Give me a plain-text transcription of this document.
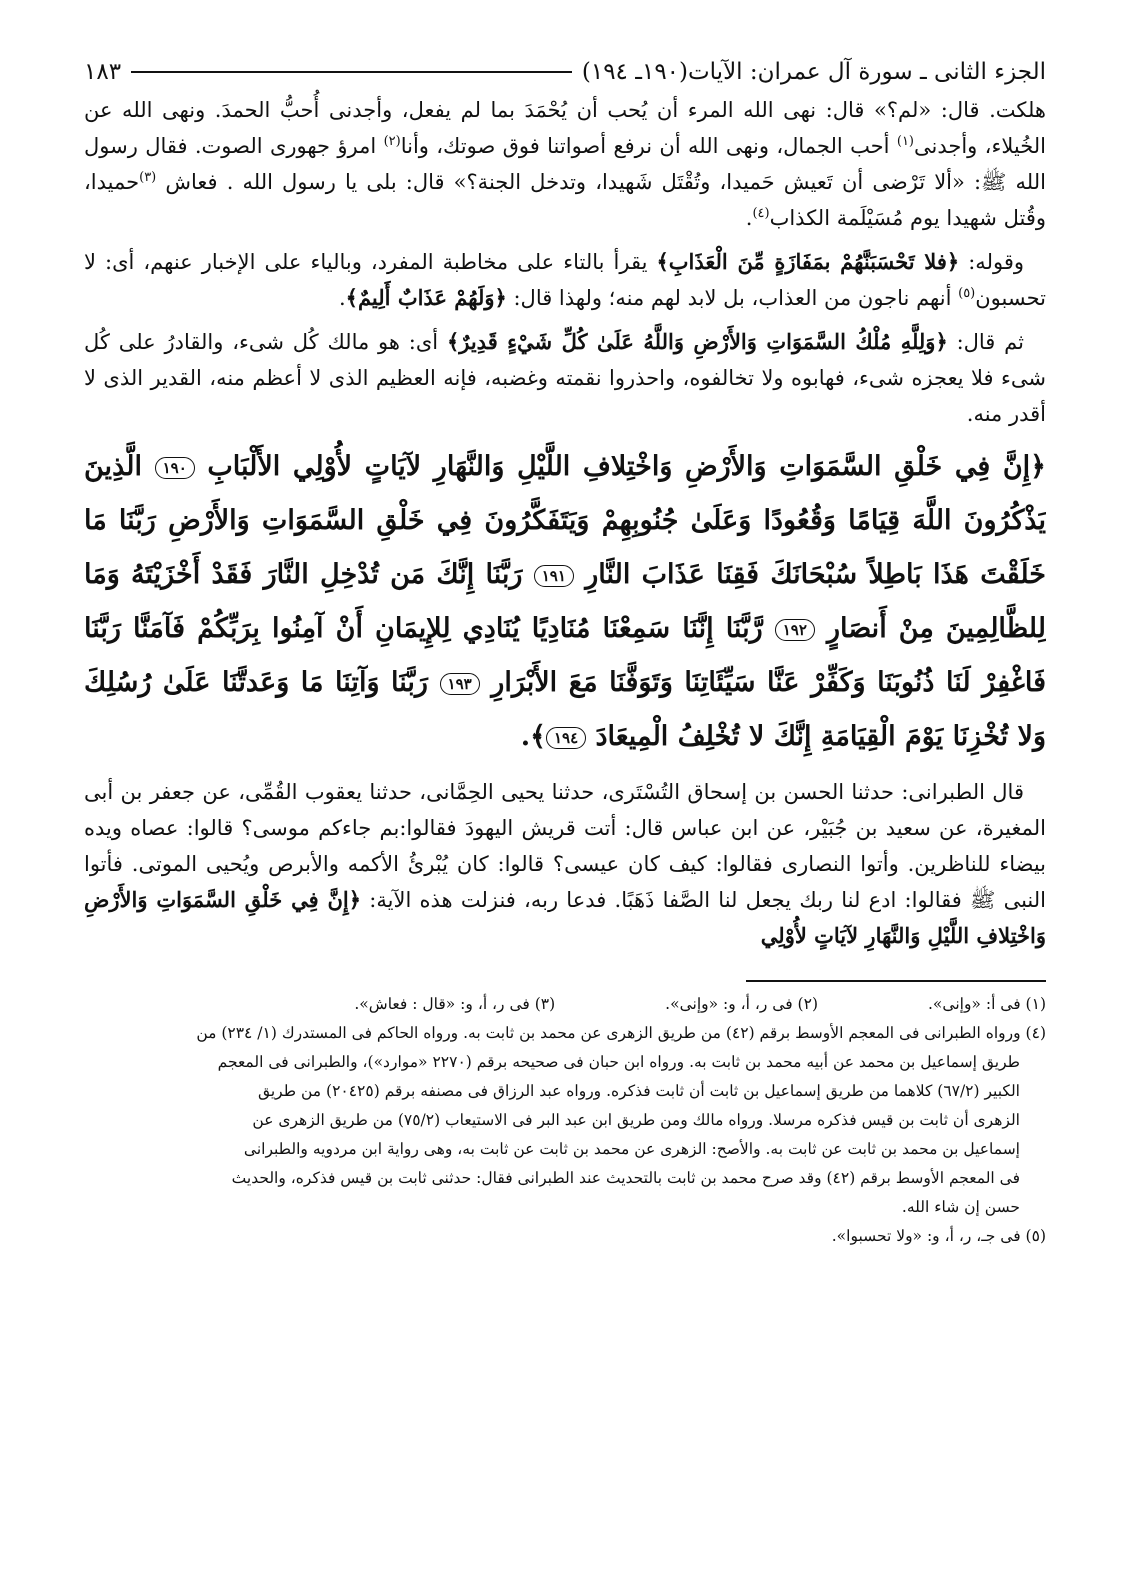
الجزء الثانى ـ سورة آل عمران: الآيات(١٩٠ـ ١٩٤)
١٨٣

هلكت. قال: «لم؟» قال: نهى الله المرء أن يُحب أن يُحْمَدَ بما لم يفعل، وأجدنى أُحبُّ الحمدَ. ونهى الله عن الخُيلاء، وأجدنى$^{(١)}$ أحب الجمال، ونهى الله أن نرفع أصواتنا فوق صوتك، وأنا$^{(٢)}$ امرؤ جهورى الصوت. فقال رسول الله ﷺ: «ألا تَرْضى أن تَعيش حَميدا، وتُقْتَل شَهيدا، وتدخل الجنة؟» قال: بلى يا رسول الله . فعاش $^{(٣)}$حميدا، وقُتل شهيدا يوم مُسَيْلَمة الكذاب$^{(٤)}$.

وقوله: ﴿فلا تَحْسَبَنَّهُمْ بمَفَازَةٍ مِّنَ الْعَذَابِ﴾ يقرأ بالتاء على مخاطبة المفرد، وبالياء على الإخبار عنهم، أى: لا تحسبون$^{(٥)}$ أنهم ناجون من العذاب، بل لابد لهم منه؛ ولهذا قال: ﴿وَلَهُمْ عَذَابٌ أَلِيمٌ﴾.

ثم قال: ﴿وَلِلَّهِ مُلْكُ السَّمَوَاتِ وَالأَرْضِ وَاللَّهُ عَلَىٰ كُلِّ شَيْءٍ قَدِيرٌ﴾ أى: هو مالك كُل شىء، والقادرُ على كُل شىء فلا يعجزه شىء، فهابوه ولا تخالفوه، واحذروا نقمته وغضبه، فإنه العظيم الذى لا أعظم منه، القدير الذى لا أقدر منه.

﴿إِنَّ فِي خَلْقِ السَّمَوَاتِ وَالأَرْضِ وَاخْتِلافِ اللَّيْلِ وَالنَّهَارِ لآيَاتٍ لأُوْلِي الأَلْبَابِ ١٩٠ الَّذِينَ يَذْكُرُونَ اللَّهَ قِيَامًا وَقُعُودًا وَعَلَىٰ جُنُوبِهِمْ وَيَتَفَكَّرُونَ فِي خَلْقِ السَّمَوَاتِ وَالأَرْضِ رَبَّنَا مَا خَلَقْتَ هَذَا بَاطِلاً سُبْحَانَكَ فَقِنَا عَذَابَ النَّارِ ١٩١ رَبَّنَا إِنَّكَ مَن تُدْخِلِ النَّارَ فَقَدْ أَخْزَيْتَهُ وَمَا لِلظَّالِمِينَ مِنْ أَنصَارٍ ١٩٢ رَّبَّنَا إِنَّنَا سَمِعْنَا مُنَادِيًا يُنَادِي لِلإِيمَانِ أَنْ آمِنُوا بِرَبِّكُمْ فَآمَنَّا رَبَّنَا فَاغْفِرْ لَنَا ذُنُوبَنَا وَكَفِّرْ عَنَّا سَيِّئَاتِنَا وَتَوَفَّنَا مَعَ الأَبْرَارِ ١٩٣ رَبَّنَا وَآتِنَا مَا وَعَدتَّنَا عَلَىٰ رُسُلِكَ وَلا تُخْزِنَا يَوْمَ الْقِيَامَةِ إِنَّكَ لا تُخْلِفُ الْمِيعَادَ ١٩٤﴾.

قال الطبرانى: حدثنا الحسن بن إسحاق التُسْتَرى، حدثنا يحيى الحِمَّانى، حدثنا يعقوب القُمِّى، عن جعفر بن أبى المغيرة، عن سعيد بن جُبَيْر، عن ابن عباس قال: أتت قريش اليهودَ فقالوا:بم جاءكم موسى؟ قالوا: عصاه ويده بيضاء للناظرين. وأتوا النصارى فقالوا: كيف كان عيسى؟ قالوا: كان يُبْرئُ الأكمه والأبرص ويُحيى الموتى. فأتوا النبى ﷺ فقالوا: ادع لنا ربك يجعل لنا الصَّفا ذَهَبًا. فدعا ربه، فنزلت هذه الآية: ﴿إِنَّ فِي خَلْقِ السَّمَوَاتِ وَالأَرْضِ وَاخْتِلافِ اللَّيْلِ وَالنَّهَارِ لآيَاتٍ لأُوْلِي

(١) فى أ: «وإنى».
(٢) فى ر، أ، و: «وإنى».
(٣) فى ر، أ، و: «قال : فعاش».
(٤) ورواه الطبرانى فى المعجم الأوسط برقم (٤٢) من طريق الزهرى عن محمد بن ثابت به. ورواه الحاكم فى المستدرك (١/ ٢٣٤) من
طريق إسماعيل بن محمد عن أبيه محمد بن ثابت به. ورواه ابن حبان فى صحيحه برقم (٢٢٧٠ «موارد»)، والطبرانى فى المعجم
الكبير (٦٧/٢) كلاهما من طريق إسماعيل بن ثابت أن ثابت فذكره. ورواه عبد الرزاق فى مصنفه برقم (٢٠٤٢٥) من طريق
الزهرى أن ثابت بن قيس فذكره مرسلا. ورواه مالك ومن طريق ابن عبد البر فى الاستيعاب (٧٥/٢) من طريق الزهرى عن
إسماعيل بن محمد بن ثابت عن ثابت به. والأصح: الزهرى عن محمد بن ثابت عن ثابت به، وهى رواية ابن مردويه والطبرانى
فى المعجم الأوسط برقم (٤٢) وقد صرح محمد بن ثابت بالتحديث عند الطبرانى فقال: حدثنى ثابت بن قيس فذكره، والحديث
حسن إن شاء الله.
(٥) فى جـ، ر، أ، و: «ولا تحسبوا».
